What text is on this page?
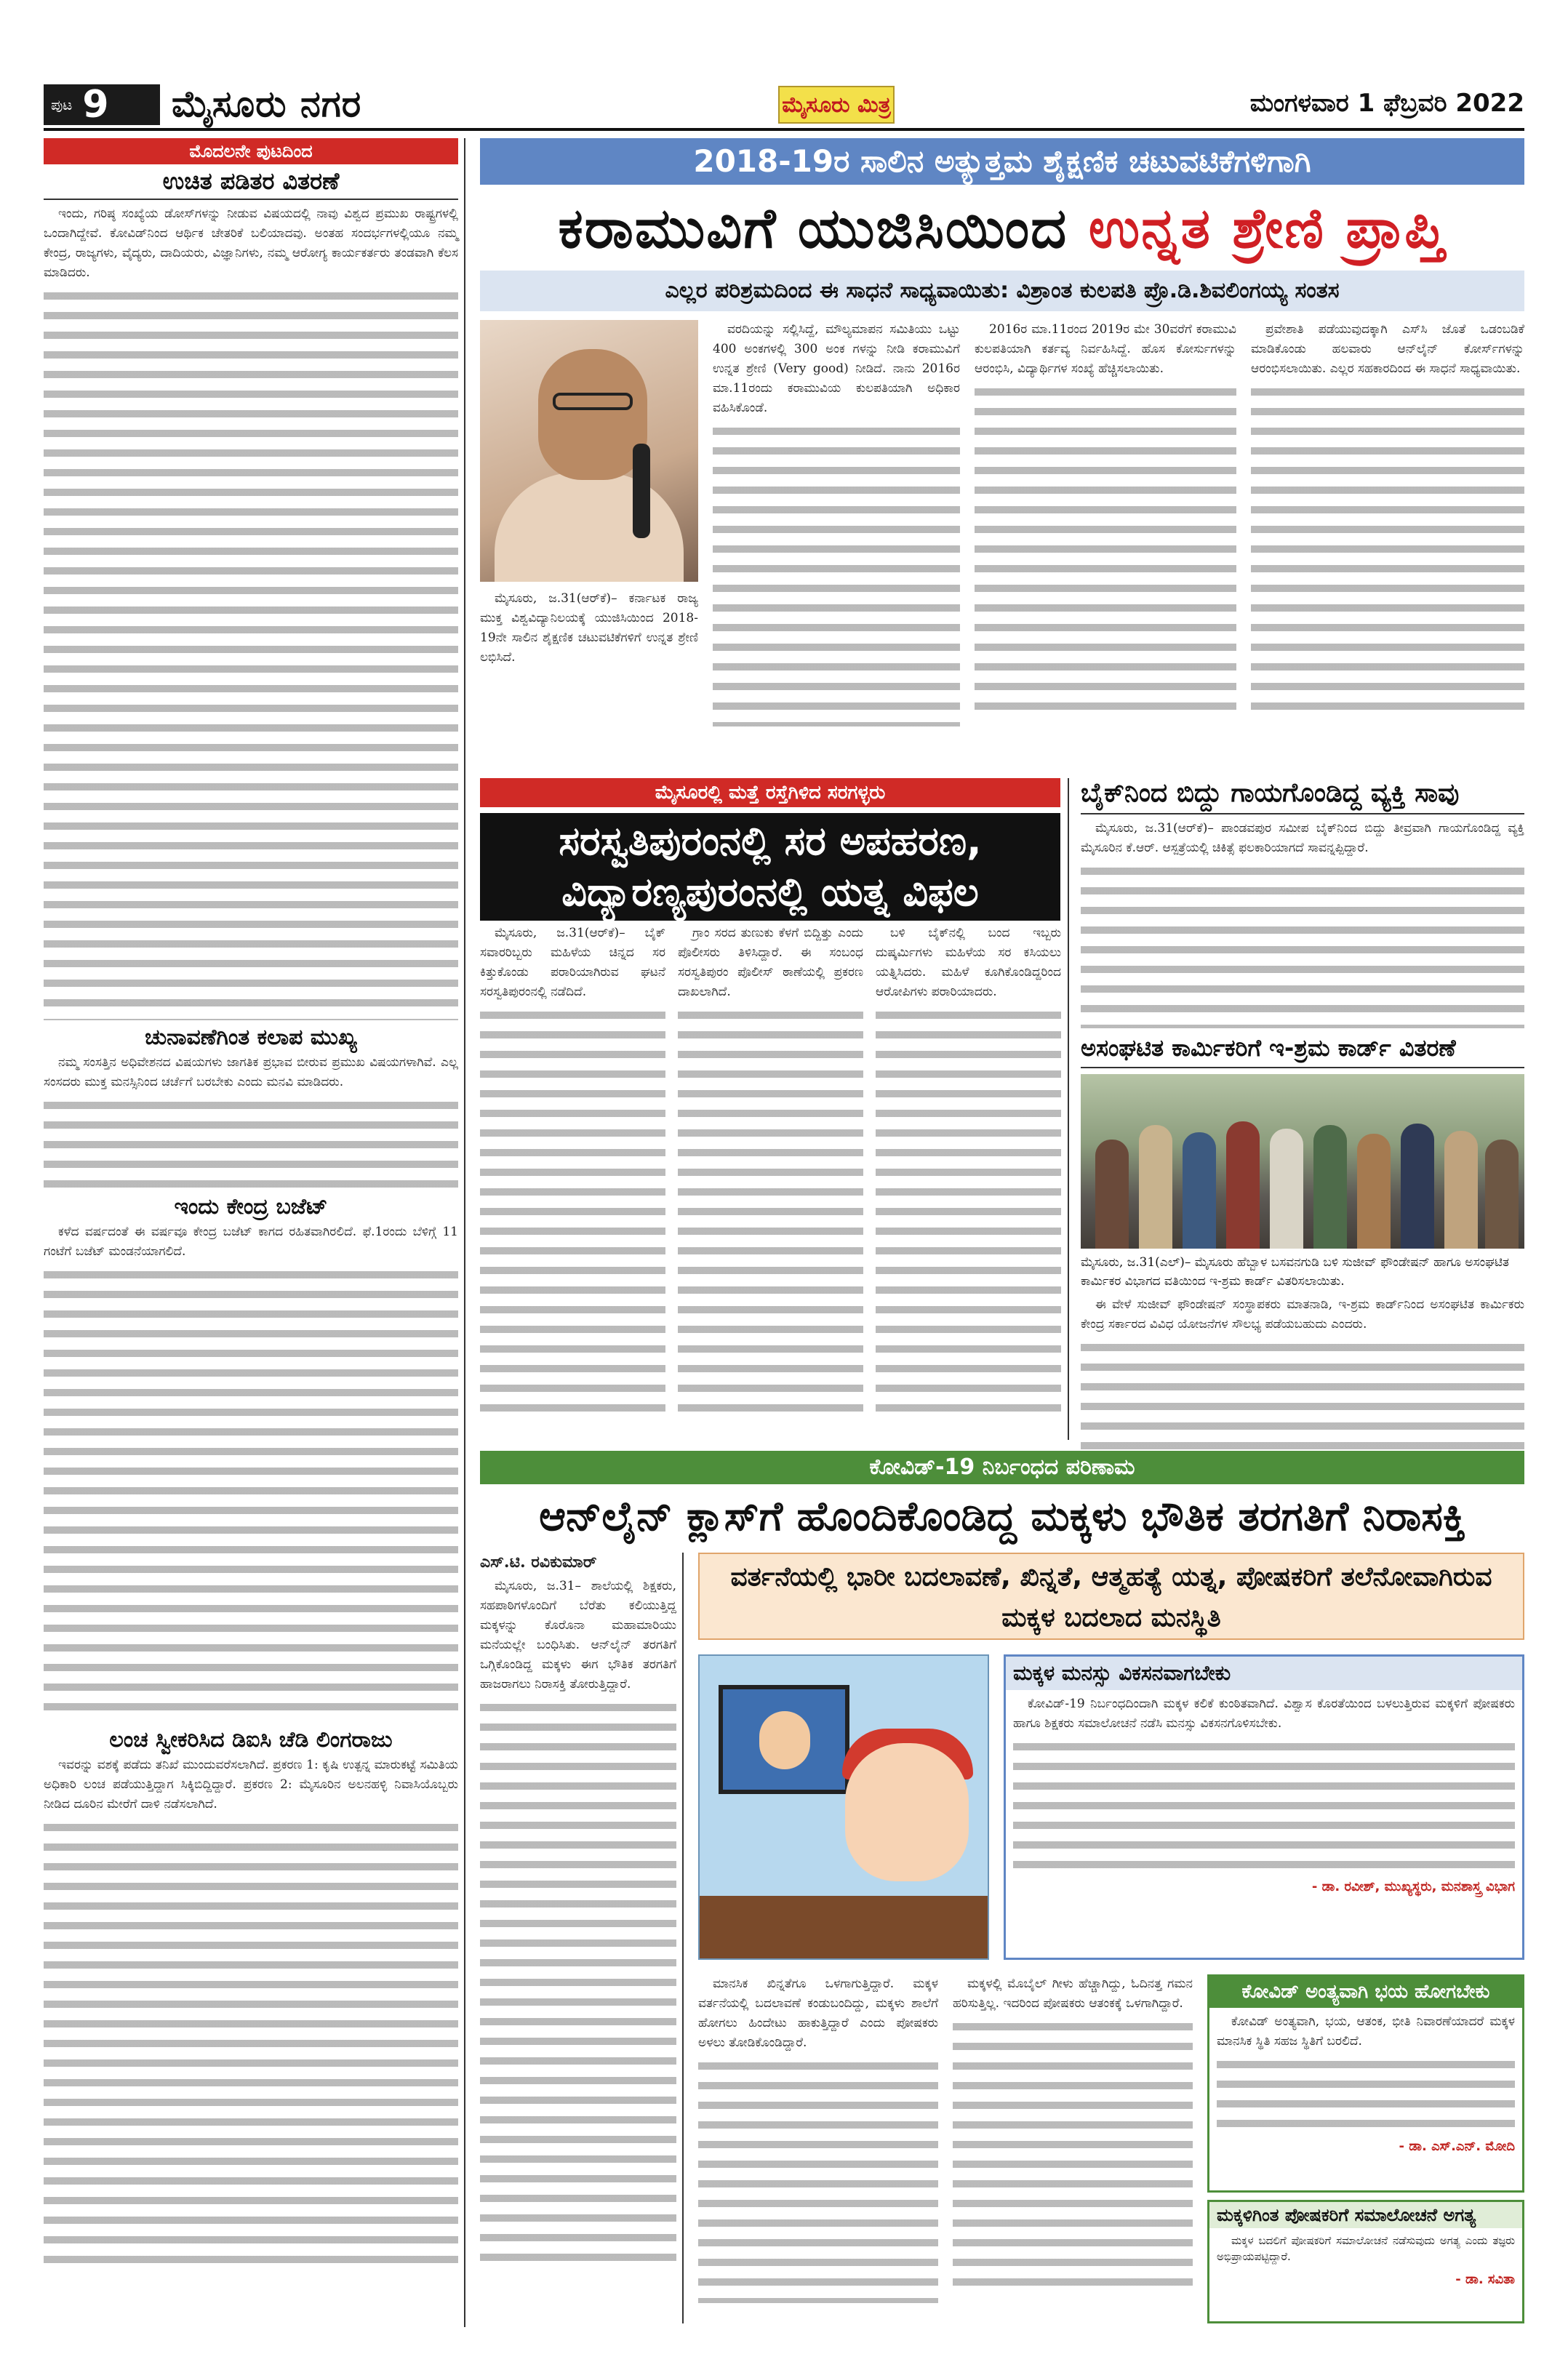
ಪುಟ 9 ಮೈಸೂರು ನಗರ	ಮೈಸೂರು ಮಿತ್ರ	ಮಂಗಳವಾರ 1 ಫೆಬ್ರವರಿ 2022
ಮೊದಲನೇ ಪುಟದಿಂದ
ಉಚಿತ ಪಡಿತರ ವಿತರಣೆ

ಇಂದು, ಗರಿಷ್ಠ ಸಂಖ್ಯೆಯ ಡೋಸ್‌ಗಳನ್ನು ನೀಡುವ ವಿಷಯದಲ್ಲಿ ನಾವು ವಿಶ್ವದ ಪ್ರಮುಖ ರಾಷ್ಟ್ರಗಳಲ್ಲಿ ಒಂದಾಗಿದ್ದೇವೆ. ಕೋವಿಡ್‌ನಿಂದ ಆರ್ಥಿಕ ಚೇತರಿಕೆ ಬಲಿಯಾದವು. ಅಂತಹ ಸಂದರ್ಭಗಳಲ್ಲಿಯೂ ನಮ್ಮ ಕೇಂದ್ರ, ರಾಜ್ಯಗಳು, ವೈದ್ಯರು, ದಾದಿಯರು, ವಿಜ್ಞಾನಿಗಳು, ನಮ್ಮ ಆರೋಗ್ಯ ಕಾರ್ಯಕರ್ತರು ತಂಡವಾಗಿ ಕೆಲಸ ಮಾಡಿದರು.

ಚುನಾವಣೆಗಿಂತ ಕಲಾಪ ಮುಖ್ಯ

ನಮ್ಮ ಸಂಸತ್ತಿನ ಅಧಿವೇಶನದ ವಿಷಯಗಳು ಜಾಗತಿಕ ಪ್ರಭಾವ ಬೀರುವ ಪ್ರಮುಖ ವಿಷಯಗಳಾಗಿವೆ. ಎಲ್ಲ ಸಂಸದರು ಮುಕ್ತ ಮನಸ್ಸಿನಿಂದ ಚರ್ಚೆಗೆ ಬರಬೇಕು ಎಂದು ಮನವಿ ಮಾಡಿದರು.

ಇಂದು ಕೇಂದ್ರ ಬಜೆಟ್

ಕಳೆದ ವರ್ಷದಂತೆ ಈ ವರ್ಷವೂ ಕೇಂದ್ರ ಬಜೆಟ್ ಕಾಗದ ರಹಿತವಾಗಿರಲಿದೆ. ಫೆ.1ರಂದು ಬೆಳಿಗ್ಗೆ 11 ಗಂಟೆಗೆ ಬಜೆಟ್ ಮಂಡನೆಯಾಗಲಿದೆ.

ಲಂಚ ಸ್ವೀಕರಿಸಿದ ಡಿಐಸಿ ಚೆಡಿ ಲಿಂಗರಾಜು

ಇವರನ್ನು ವಶಕ್ಕೆ ಪಡೆದು ತನಿಖೆ ಮುಂದುವರೆಸಲಾಗಿದೆ. ಪ್ರಕರಣ 1: ಕೃಷಿ ಉತ್ಪನ್ನ ಮಾರುಕಟ್ಟೆ ಸಮಿತಿಯ ಅಧಿಕಾರಿ ಲಂಚ ಪಡೆಯುತ್ತಿದ್ದಾಗ ಸಿಕ್ಕಿಬಿದ್ದಿದ್ದಾರೆ. ಪ್ರಕರಣ 2: ಮೈಸೂರಿನ ಅಲನಹಳ್ಳಿ ನಿವಾಸಿಯೊಬ್ಬರು ನೀಡಿದ ದೂರಿನ ಮೇರೆಗೆ ದಾಳಿ ನಡೆಸಲಾಗಿದೆ.

2018-19ರ ಸಾಲಿನ ಅತ್ಯುತ್ತಮ ಶೈಕ್ಷಣಿಕ ಚಟುವಟಿಕೆಗಳಿಗಾಗಿ
ಕರಾಮುವಿಗೆ ಯುಜಿಸಿಯಿಂದ ಉನ್ನತ ಶ್ರೇಣಿ ಪ್ರಾಪ್ತಿ
ಎಲ್ಲರ ಪರಿಶ್ರಮದಿಂದ ಈ ಸಾಧನೆ ಸಾಧ್ಯವಾಯಿತು: ವಿಶ್ರಾಂತ ಕುಲಪತಿ ಪ್ರೊ.ಡಿ.ಶಿವಲಿಂಗಯ್ಯ ಸಂತಸ

ಮೈಸೂರು, ಜ.31(ಆರ್‌ಕೆ)– ಕರ್ನಾಟಕ ರಾಜ್ಯ ಮುಕ್ತ ವಿಶ್ವವಿದ್ಯಾನಿಲಯಕ್ಕೆ ಯುಜಿಸಿಯಿಂದ 2018-19ನೇ ಸಾಲಿನ ಶೈಕ್ಷಣಿಕ ಚಟುವಟಿಕೆಗಳಿಗೆ ಉನ್ನತ ಶ್ರೇಣಿ ಲಭಿಸಿದೆ.

ವರದಿಯನ್ನು ಸಲ್ಲಿಸಿದ್ದೆ, ಮೌಲ್ಯಮಾಪನ ಸಮಿತಿಯು ಒಟ್ಟು 400 ಅಂಕಗಳಲ್ಲಿ 300 ಅಂಕ ಗಳನ್ನು ನೀಡಿ ಕರಾಮುವಿಗೆ ಉನ್ನತ ಶ್ರೇಣಿ (Very good) ನೀಡಿದೆ. ನಾನು 2016ರ ಮಾ.11ರಂದು ಕರಾಮುವಿಯ ಕುಲಪತಿಯಾಗಿ ಅಧಿಕಾರ ವಹಿಸಿಕೊಂಡೆ.

2016ರ ಮಾ.11ರಂದ 2019ರ ಮೇ 30ವರೆಗೆ ಕರಾಮುವಿ ಕುಲಪತಿಯಾಗಿ ಕರ್ತವ್ಯ ನಿರ್ವಹಿಸಿದ್ದೆ. ಹೊಸ ಕೋರ್ಸುಗಳನ್ನು ಆರಂಭಿಸಿ, ವಿದ್ಯಾರ್ಥಿಗಳ ಸಂಖ್ಯೆ ಹೆಚ್ಚಿಸಲಾಯಿತು.

ಪ್ರವೇಶಾತಿ ಪಡೆಯುವುದಕ್ಕಾಗಿ ಎಸ್‌ಸಿ ಜೊತೆ ಒಡಂಬಡಿಕೆ ಮಾಡಿಕೊಂಡು ಹಲವಾರು ಆನ್‌ಲೈನ್ ಕೋರ್ಸ್‌ಗಳನ್ನು ಆರಂಭಿಸಲಾಯಿತು. ಎಲ್ಲರ ಸಹಕಾರದಿಂದ ಈ ಸಾಧನೆ ಸಾಧ್ಯವಾಯಿತು.

ಮೈಸೂರಲ್ಲಿ ಮತ್ತೆ ರಸ್ತೆಗಿಳಿದ ಸರಗಳ್ಳರು
ಸರಸ್ವತಿಪುರಂನಲ್ಲಿ ಸರ ಅಪಹರಣ, ವಿದ್ಯಾರಣ್ಯಪುರಂನಲ್ಲಿ ಯತ್ನ ವಿಫಲ

ಮೈಸೂರು, ಜ.31(ಆರ್‌ಕೆ)– ಬೈಕ್ ಸವಾರರಿಬ್ಬರು ಮಹಿಳೆಯ ಚಿನ್ನದ ಸರ ಕಿತ್ತುಕೊಂಡು ಪರಾರಿಯಾಗಿರುವ ಘಟನೆ ಸರಸ್ವತಿಪುರಂನಲ್ಲಿ ನಡೆದಿದೆ.

ಗ್ರಾಂ ಸರದ ತುಣುಕು ಕೆಳಗೆ ಬಿದ್ದಿತ್ತು ಎಂದು ಪೊಲೀಸರು ತಿಳಿಸಿದ್ದಾರೆ. ಈ ಸಂಬಂಧ ಸರಸ್ವತಿಪುರಂ ಪೊಲೀಸ್ ಠಾಣೆಯಲ್ಲಿ ಪ್ರಕರಣ ದಾಖಲಾಗಿದೆ.

ಬಳಿ ಬೈಕ್‌ನಲ್ಲಿ ಬಂದ ಇಬ್ಬರು ದುಷ್ಕರ್ಮಿಗಳು ಮಹಿಳೆಯ ಸರ ಕಸಿಯಲು ಯತ್ನಿಸಿದರು. ಮಹಿಳೆ ಕೂಗಿಕೊಂಡಿದ್ದರಿಂದ ಆರೋಪಿಗಳು ಪರಾರಿಯಾದರು.

ಬೈಕ್‌ನಿಂದ ಬಿದ್ದು ಗಾಯಗೊಂಡಿದ್ದ ವ್ಯಕ್ತಿ ಸಾವು

ಮೈಸೂರು, ಜ.31(ಆರ್‌ಕೆ)– ಪಾಂಡವಪುರ ಸಮೀಪ ಬೈಕ್‌ನಿಂದ ಬಿದ್ದು ತೀವ್ರವಾಗಿ ಗಾಯಗೊಂಡಿದ್ದ ವ್ಯಕ್ತಿ ಮೈಸೂರಿನ ಕೆ.ಆರ್. ಆಸ್ಪತ್ರೆಯಲ್ಲಿ ಚಿಕಿತ್ಸೆ ಫಲಕಾರಿಯಾಗದೆ ಸಾವನ್ನಪ್ಪಿದ್ದಾರೆ.

ಅಸಂಘಟಿತ ಕಾರ್ಮಿಕರಿಗೆ ಇ-ಶ್ರಮ ಕಾರ್ಡ್ ವಿತರಣೆ
ಮೈಸೂರು, ಜ.31(ಎಲ್‌)– ಮೈಸೂರು ಹೆಬ್ಬಾಳ ಬಸವನಗುಡಿ ಬಳಿ ಸುಜೀವ್ ಫೌಂಡೇಷನ್ ಹಾಗೂ ಅಸಂಘಟಿತ ಕಾರ್ಮಿಕರ ವಿಭಾಗದ ವತಿಯಿಂದ ಇ-ಶ್ರಮ ಕಾರ್ಡ್ ವಿತರಿಸಲಾಯಿತು.

ಈ ವೇಳೆ ಸುಜೀವ್ ಫೌಂಡೇಷನ್ ಸಂಸ್ಥಾಪಕರು ಮಾತನಾಡಿ, ಇ-ಶ್ರಮ ಕಾರ್ಡ್‌ನಿಂದ ಅಸಂಘಟಿತ ಕಾರ್ಮಿಕರು ಕೇಂದ್ರ ಸರ್ಕಾರದ ವಿವಿಧ ಯೋಜನೆಗಳ ಸೌಲಭ್ಯ ಪಡೆಯಬಹುದು ಎಂದರು.

ಕೋವಿಡ್-19 ನಿರ್ಬಂಧದ ಪರಿಣಾಮ
ಆನ್‌ಲೈನ್ ಕ್ಲಾಸ್‌ಗೆ ಹೊಂದಿಕೊಂಡಿದ್ದ ಮಕ್ಕಳು ಭೌತಿಕ ತರಗತಿಗೆ ನಿರಾಸಕ್ತಿ
ಎಸ್.ಟಿ. ರವಿಕುಮಾರ್

ಮೈಸೂರು, ಜ.31– ಶಾಲೆಯಲ್ಲಿ ಶಿಕ್ಷಕರು, ಸಹಪಾಠಿಗಳೊಂದಿಗೆ ಬೆರೆತು ಕಲಿಯುತ್ತಿದ್ದ ಮಕ್ಕಳನ್ನು ಕೊರೊನಾ ಮಹಾಮಾರಿಯು ಮನೆಯಲ್ಲೇ ಬಂಧಿಸಿತು. ಆನ್‌ಲೈನ್ ತರಗತಿಗೆ ಒಗ್ಗಿಕೊಂಡಿದ್ದ ಮಕ್ಕಳು ಈಗ ಭೌತಿಕ ತರಗತಿಗೆ ಹಾಜರಾಗಲು ನಿರಾಸಕ್ತಿ ತೋರುತ್ತಿದ್ದಾರೆ.

ವರ್ತನೆಯಲ್ಲಿ ಭಾರೀ ಬದಲಾವಣೆ, ಖಿನ್ನತೆ, ಆತ್ಮಹತ್ಯೆ ಯತ್ನ, ಪೋಷಕರಿಗೆ ತಲೆನೋವಾಗಿರುವ ಮಕ್ಕಳ ಬದಲಾದ ಮನಸ್ಥಿತಿ
ಮಕ್ಕಳ ಮನಸ್ಸು ವಿಕಸನವಾಗಬೇಕು

ಕೋವಿಡ್-19 ನಿರ್ಬಂಧದಿಂದಾಗಿ ಮಕ್ಕಳ ಕಲಿಕೆ ಕುಂಠಿತವಾಗಿದೆ. ವಿಶ್ವಾಸ ಕೊರತೆಯಿಂದ ಬಳಲುತ್ತಿರುವ ಮಕ್ಕಳಿಗೆ ಪೋಷಕರು ಹಾಗೂ ಶಿಕ್ಷಕರು ಸಮಾಲೋಚನೆ ನಡೆಸಿ ಮನಸ್ಸು ವಿಕಸನಗೊಳಿಸಬೇಕು.

- ಡಾ. ರವೀಶ್, ಮುಖ್ಯಸ್ಥರು, ಮನಶಾಸ್ತ್ರ ವಿಭಾಗ

ಮಾನಸಿಕ ಖಿನ್ನತೆಗೂ ಒಳಗಾಗುತ್ತಿದ್ದಾರೆ. ಮಕ್ಕಳ ವರ್ತನೆಯಲ್ಲಿ ಬದಲಾವಣೆ ಕಂಡುಬಂದಿದ್ದು, ಮಕ್ಕಳು ಶಾಲೆಗೆ ಹೋಗಲು ಹಿಂದೇಟು ಹಾಕುತ್ತಿದ್ದಾರೆ ಎಂದು ಪೋಷಕರು ಅಳಲು ತೋಡಿಕೊಂಡಿದ್ದಾರೆ.

ಮಕ್ಕಳಲ್ಲಿ ಮೊಬೈಲ್ ಗೀಳು ಹೆಚ್ಚಾಗಿದ್ದು, ಓದಿನತ್ತ ಗಮನ ಹರಿಸುತ್ತಿಲ್ಲ. ಇದರಿಂದ ಪೋಷಕರು ಆತಂಕಕ್ಕೆ ಒಳಗಾಗಿದ್ದಾರೆ.

ಕೋವಿಡ್ ಅಂತ್ಯವಾಗಿ ಭಯ ಹೋಗಬೇಕು

ಕೋವಿಡ್ ಅಂತ್ಯವಾಗಿ, ಭಯ, ಆತಂಕ, ಭೀತಿ ನಿವಾರಣೆಯಾದರೆ ಮಕ್ಕಳ ಮಾನಸಿಕ ಸ್ಥಿತಿ ಸಹಜ ಸ್ಥಿತಿಗೆ ಬರಲಿದೆ.

- ಡಾ. ಎಸ್.ಎನ್. ಮೋದಿ
ಮಕ್ಕಳಿಗಿಂತ ಪೋಷಕರಿಗೆ ಸಮಾಲೋಚನೆ ಅಗತ್ಯ

ಮಕ್ಕಳ ಬದಲಿಗೆ ಪೋಷಕರಿಗೆ ಸಮಾಲೋಚನೆ ನಡೆಸುವುದು ಅಗತ್ಯ ಎಂದು ತಜ್ಞರು ಅಭಿಪ್ರಾಯಪಟ್ಟಿದ್ದಾರೆ.

- ಡಾ. ಸವಿತಾ
